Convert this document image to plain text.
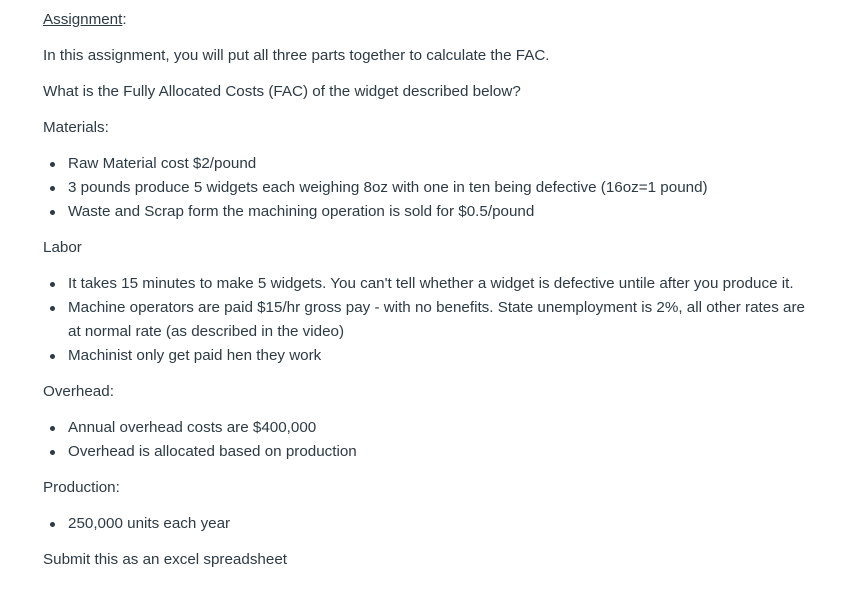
Assignment:

In this assignment, you will put all three parts together to calculate the FAC.

What is the Fully Allocated Costs (FAC) of the widget described below?

Materials:

Raw Material cost $2/pound
3 pounds produce 5 widgets each weighing 8oz with one in ten being defective (16oz=1 pound)
Waste and Scrap form the machining operation is sold for $0.5/pound

Labor

It takes 15 minutes to make 5 widgets. You can't tell whether a widget is defective untile after you produce it.
Machine operators are paid $15/hr gross pay - with no benefits. State unemployment is 2%, all other rates are at normal rate (as described in the video)
Machinist only get paid hen they work

Overhead:

Annual overhead costs are $400,000
Overhead is allocated based on production

Production:

250,000 units each year

Submit this as an excel spreadsheet
